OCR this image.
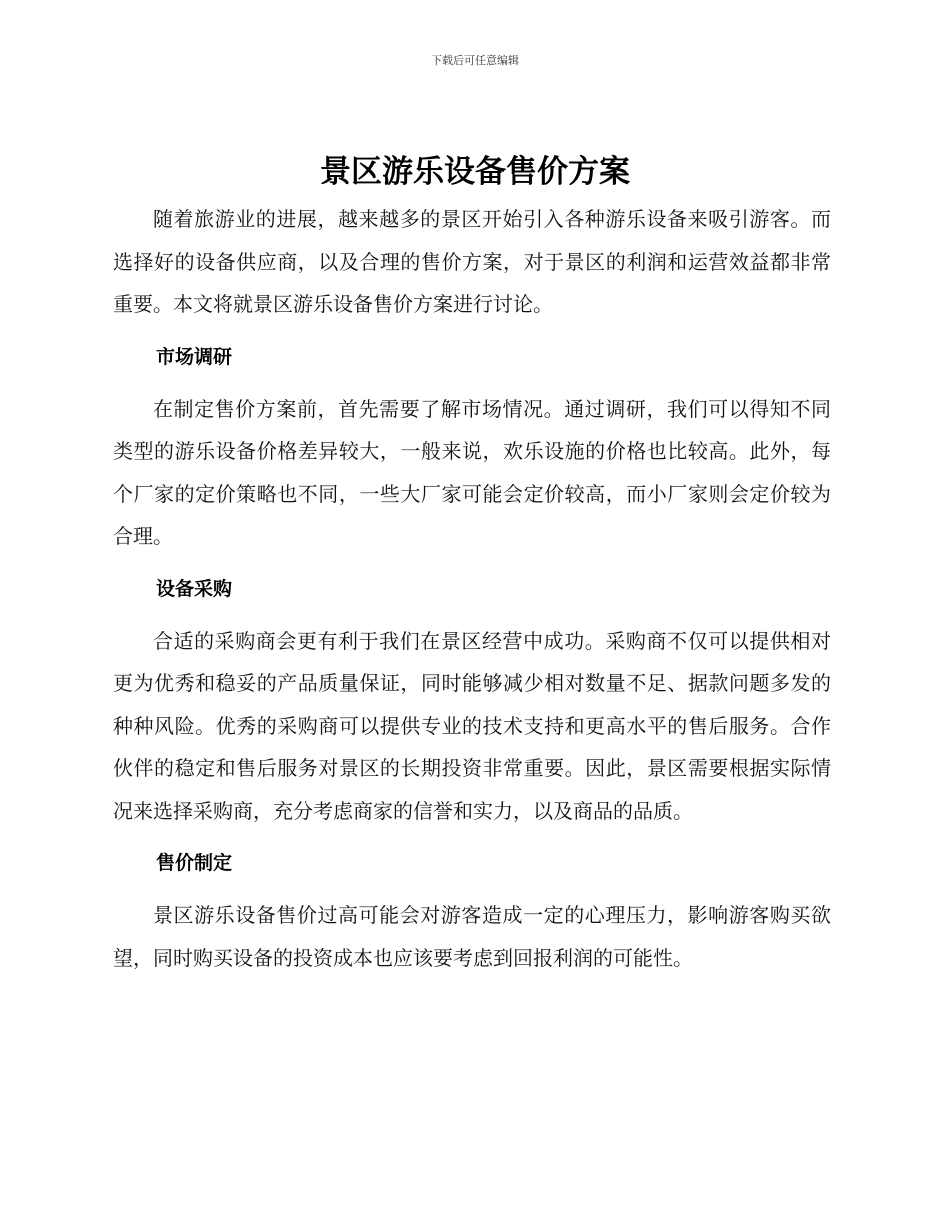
下载后可任意编辑
景区游乐设备售价方案

随着旅游业的进展，越来越多的景区开始引入各种游乐设备来吸引游客。而选择好的设备供应商，以及合理的售价方案，对于景区的利润和运营效益都非常重要。本文将就景区游乐设备售价方案进行讨论。

市场调研

在制定售价方案前，首先需要了解市场情况。通过调研，我们可以得知不同类型的游乐设备价格差异较大，一般来说，欢乐设施的价格也比较高。此外，每个厂家的定价策略也不同，一些大厂家可能会定价较高，而小厂家则会定价较为合理。

设备采购

合适的采购商会更有利于我们在景区经营中成功。采购商不仅可以提供相对更为优秀和稳妥的产品质量保证，同时能够减少相对数量不足、据款问题多发的种种风险。优秀的采购商可以提供专业的技术支持和更高水平的售后服务。合作伙伴的稳定和售后服务对景区的长期投资非常重要。因此，景区需要根据实际情况来选择采购商，充分考虑商家的信誉和实力，以及商品的品质。

售价制定

景区游乐设备售价过高可能会对游客造成一定的心理压力，影响游客购买欲望，同时购买设备的投资成本也应该要考虑到回报利润的可能性。
